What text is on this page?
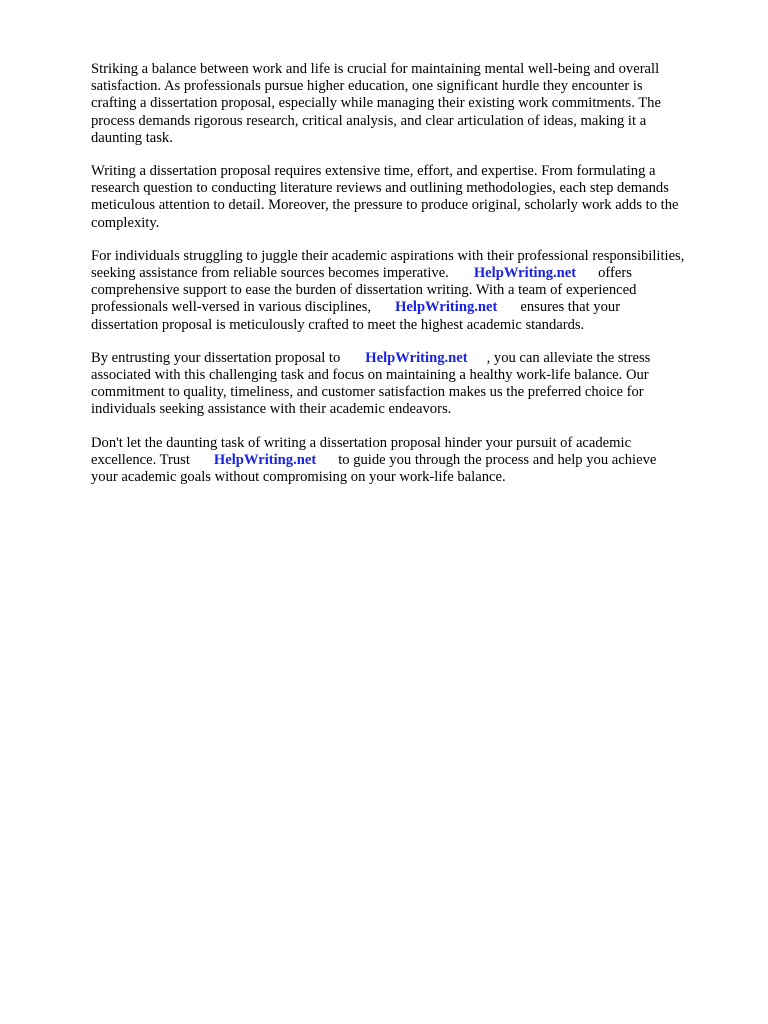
Striking a balance between work and life is crucial for maintaining mental well-being and overall
satisfaction. As professionals pursue higher education, one significant hurdle they encounter is
crafting a dissertation proposal, especially while managing their existing work commitments. The
process demands rigorous research, critical analysis, and clear articulation of ideas, making it a
daunting task.
Writing a dissertation proposal requires extensive time, effort, and expertise. From formulating a
research question to conducting literature reviews and outlining methodologies, each step demands
meticulous attention to detail. Moreover, the pressure to produce original, scholarly work adds to the
complexity.
For individuals struggling to juggle their academic aspirations with their professional responsibilities,
seeking assistance from reliable sources becomes imperative. HelpWriting.net offers
comprehensive support to ease the burden of dissertation writing. With a team of experienced
professionals well-versed in various disciplines, HelpWriting.net ensures that your
dissertation proposal is meticulously crafted to meet the highest academic standards.
By entrusting your dissertation proposal to HelpWriting.net , you can alleviate the stress
associated with this challenging task and focus on maintaining a healthy work-life balance. Our
commitment to quality, timeliness, and customer satisfaction makes us the preferred choice for
individuals seeking assistance with their academic endeavors.
Don't let the daunting task of writing a dissertation proposal hinder your pursuit of academic
excellence. Trust HelpWriting.net to guide you through the process and help you achieve
your academic goals without compromising on your work-life balance.
